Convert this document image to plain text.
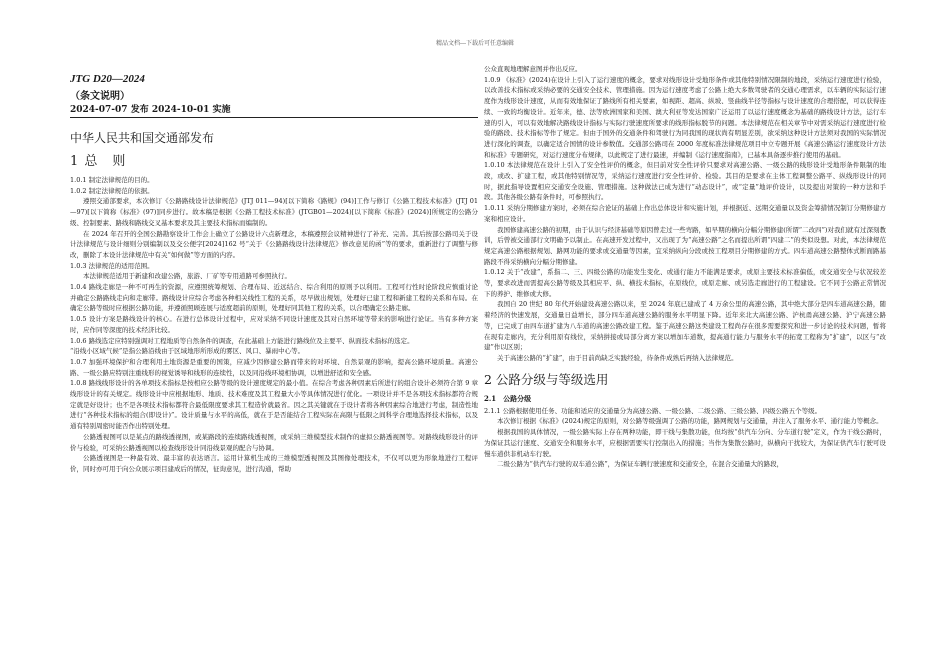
精品文档---下载后可任意编辑
JTG D20—2024
（条文说明）
2024-07-07 发布 2024-10-01 实施
中华人民共和国交通部发布
1 总　则

1.0.1 制定法律规范的目的。

1.0.2 制定法律规范的依据。

遵照交通部要求，本次修订《公路路线设计法律规范》(JTJ 011—94)[以下简称《路规》(94)]工作与修订《公路工程技术标准》(JTJ 01—97)[以下简称《标准》(97)]同步进行。故本稿是根据《公路工程技术标准》(JTGB01—2024)[以下简称《标准》(2024)]所规定的公路分级、控制要素、路线和路线交叉基本要求及其主要技术指标而编制的。

在 2024 年召开的全国公路勘察设计工作会上确立了公路设计六点新理念，本稿遵照会议精神进行了补充、完善。其后按部公路司关于设计法律规范与设计细则分别编制以及交公便字[2024]162 号“关于《公路路线设计法律规范》修改意见的函”等的要求，重新进行了调整与修改，删除了本设计法律规范中有关“如何做”等方面的内容。

1.0.3 法律规范的适用范围。

本法律规范适用于新建和改建公路，旅游、厂矿等专用道路可参照执行。

1.0.4 路线走廊是一种不可再生的资源，应遵照统筹规划、合理布局、近远结合、综合利用的原则予以利用。工程可行性时论阶段应慎重讨论并确定公路路线走向和走廊带。路线设计应综合考虑各种相关线性工程的关系，尽早做出规划，处理好已建工程和新建工程的关系和布局。在确定公路等级时应根据公路功能，并遵循照顾连展与适度超前的原则，处理好同其他工程的关系，以合理确定公路走廊。

1.0.5 设计方案是路线设计的核心。在进行总体设计过程中，应对采纳不同设计速度及其对自然环境等带来的影响进行论证。当有多种方案时，应作同等深度的技术经济比较。

1.0.6 路线选定应特别强调对工程地质等自然条件的调查，在此基础上方能进行路线位及主要平、纵面技术指标的选定。

“沿线小区域气候”是指公路沿线由于区域地形所形成的雾区、风口、暴雨中心等。

1.0.7 加强环境保护和合理利用土地资源是重要的国策，应减少因修建公路而带来的对环境、自然景观的影响，提高公路环境质量。高速公路、一级公路应特别注重线形的视觉诱导和线形的连续性，以及同沿线环境相协调，以增进舒适和安全感。

1.0.8 路线线形设计的各单项技术指标是按相应公路等级的设计速度规定的最小值。在综合考虑各种因素后所进行的组合设计必须符合第 9 章线形设计的有关规定。线形设计中应根据地形、地质、技术难度及其工程量大小等具体情况进行优化。一项设计并不是各项技术指标都符合规定就是好设计；也不是各项技术指标都符合最低限度要求其工程造价就最省。因之其关键就在于设计者将各种因素综合地进行考虑，制造性地进行“各种技术指标的组合(即设计)”。设计质量与水平的高低，就在于是否能结合工程实际在高限与低限之间科学合理地选择技术指标，以及通有特别周密时能否作出特别处理。

公路透视图可以是某点的路线透视图，或某路段的连续路线透视图，或采纳三维模型技术制作的虚拟公路透视图等。对路线线形设计的评价与检验，可采纳公路透视图以检查线形设计同沿线景观的配合与协调。

公路透视图是一种最有效、最丰富的表达语言。运用计算机生成的三维模型透视图及其图像处理技术，不仅可以更为形象地进行工程评价，同时亦可用于向公众展示项目建成后的情况，征询意见，进行沟通，帮助

公众直观地理解意图并作出反应。

1.0.9 《标准》(2024)在设计上引入了运行速度的概念，要求对线形设计受地形条件或其他特别情况限制的地段，采纳运行速度进行检验，以改善技术指标或采纳必要的交通安全技术、管理措施。因为运行速度考虑了公路上绝大多数驾驶者的交通心理需求，以车辆的实际运行速度作为线形设计速度，从而有效地保证了路线所有相关要素，如视距、超高、纵坡、竖曲线半径等指标与设计速度的合理搭配，可以获得连续、一致的均衡设计。近年来，德、法等欧洲国家和美国、澳大利亚等发达国家广泛运用了以运行速度概念为基础的路线设计方法，运行车速的引入，可以有效地解决路线设计指标与实际行驶速度所要求的线形指标脱节的问题。本法律规范在相关章节中对需采纳运行速度进行检验的路段、技术指标等作了规定。但由于国外的交通条件和驾驶行为同我国的现状尚有明显差别，欲采纳这种设计方法须对我国的实际情况进行深化的调查，以确定适合国情的设计参数值。交通部公路司在 2000 年度标准法律规范项目中立专题开展《高速公路运行速度设计方法和标准》专题研究，对运行速度分布规律，以此规定了进行最速，并编制《运行速度指南》，已基本具备逐步推行使用的基础。

1.0.10 本法律规范在设计上引入了安全性评价的概念，但目前对安全性评价只要求对高速公路、一级公路的线形设计受地形条件限制的地段，或改、扩建工程，或其他特别情况等，采纳运行速度进行安全性评价、检验。其目的是要求在主体工程调整公路平、纵线形设计的同时，据此指导设置相应交通安全设施、管理措施。这种做法已成为进行“动态设计”，或“定量”地评价设计，以及提出对策的一种方法和手段。其他各级公路有条件时，可参照执行。

1.0.11 采纳分期修建方案时，必须在综合论证的基础上作出总体设计和实施计划，并根据近、远期交通量以及资金筹措情况制订分期修建方案和相应设计。

我国修建高速公路的初期，由于认识与经济基础等原因曾走过一些弯路，如早期的横向分幅分期修建(所谓“二改四”)对我们就有过深刻教训，后曾被交通部行文明确予以制止。在高速开发过程中，又出现了为“高速公路”之名而提出所谓“四建二”的类似设想。对此，本法律规范规定高速公路根据规划、路网功能的要求或交通量等因素，宜采纳纵向分段或按工程项目分期修建的方式。四车道高速公路整体式断面路基路段不得采纳横向分幅分期修建。

1.0.12 关于“改建”，系指二、三、四级公路的功能发生变化、或通行能力不能满足要求，或原主要技术标准偏低，或交通安全与状况较差等，要求改进而需提高公路等级及其相应平、纵、横技术指标，在原线位，或原走廊、或另选走廊进行的工程建设。它不同于公路正常情况下的养护、维修或大修。

我国自 20 世纪 80 年代开始建设高速公路以来，至 2024 年底已建成了 4 万余公里的高速公路，其中绝大部分是四车道高速公路，随着经济的快速发展，交通量日益增长，部分四车道高速公路的服务水平明显下降。近年来北大高速公路、沪杭甬高速公路、沪宁高速公路等，已完成了由四车道扩建为八车道的高速公路改建工程。鉴于高速公路这类建设工程尚存在很多需要探究和进一步讨论的技术问题，暂将在现有走廊内，充分利用原有线位，采纳拼接或局部分离方案以增加车道数，提高通行能力与服务水平的拓宽工程称为“扩建”，以区与“改建”作以区别；

关于高速公路的“扩建”，由于目前尚缺乏实践经验，待条件成熟后再纳入法律规范。

2 公路分级与等级选用
2.1　公路分级

2.1.1 公路根据使用任务、功能和适应的交通量分为高速公路、一级公路、二级公路、三级公路、四级公路五个等级。

本次修订根据《标准》(2024)规定的原则，对公路等级强调了公路的功能，路网规划与交通量，并注入了服务水平、通行能力等概念。

根据我国的具体情况，一级公路实际上存在两种功能，即干线与集散功能，但均按“供汽车分向、分车道行驶”定义，作为干线公路时，为保证其运行速度、交通安全和服务水平，应根据需要实行控制出入的措施；当作为集散公路时，纵横向干扰较大，为保证供汽车行驶可设慢车道供非机动车行驶。

二级公路为“供汽车行驶的双车道公路”，为保证车辆行驶速度和交通安全，在混合交通量大的路段，
